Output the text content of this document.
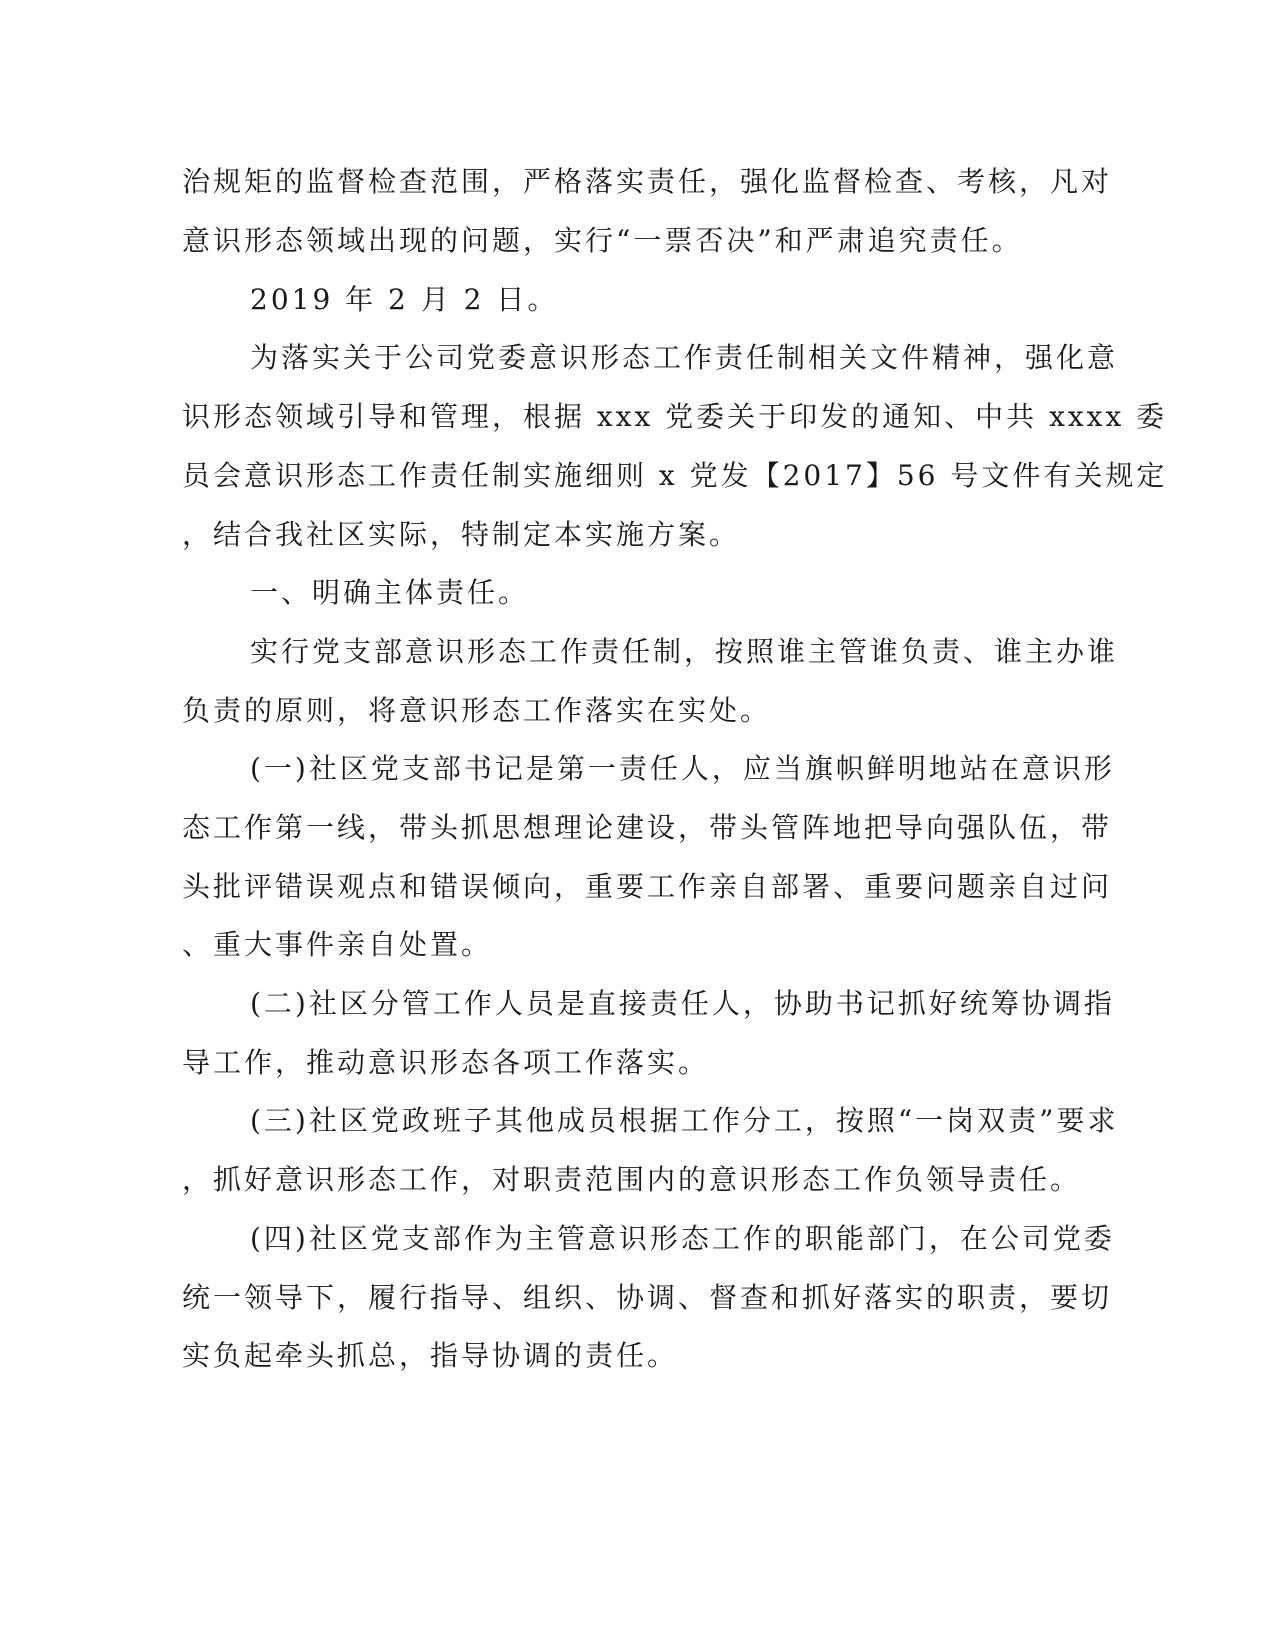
治规矩的监督检查范围，严格落实责任，强化监督检查、考核，凡对
意识形态领域出现的问题，实行“一票否决”和严肃追究责任。
2019 年 2 月 2 日。
为落实关于公司党委意识形态工作责任制相关文件精神，强化意
识形态领域引导和管理，根据 xxx 党委关于印发的通知、中共 xxxx 委
员会意识形态工作责任制实施细则 x 党发【2017】56 号文件有关规定
，结合我社区实际，特制定本实施方案。
一、明确主体责任。
实行党支部意识形态工作责任制，按照谁主管谁负责、谁主办谁
负责的原则，将意识形态工作落实在实处。
(一)社区党支部书记是第一责任人，应当旗帜鲜明地站在意识形
态工作第一线，带头抓思想理论建设，带头管阵地把导向强队伍，带
头批评错误观点和错误倾向，重要工作亲自部署、重要问题亲自过问
、重大事件亲自处置。
(二)社区分管工作人员是直接责任人，协助书记抓好统筹协调指
导工作，推动意识形态各项工作落实。
(三)社区党政班子其他成员根据工作分工，按照“一岗双责”要求
，抓好意识形态工作，对职责范围内的意识形态工作负领导责任。
(四)社区党支部作为主管意识形态工作的职能部门，在公司党委
统一领导下，履行指导、组织、协调、督查和抓好落实的职责，要切
实负起牵头抓总，指导协调的责任。
